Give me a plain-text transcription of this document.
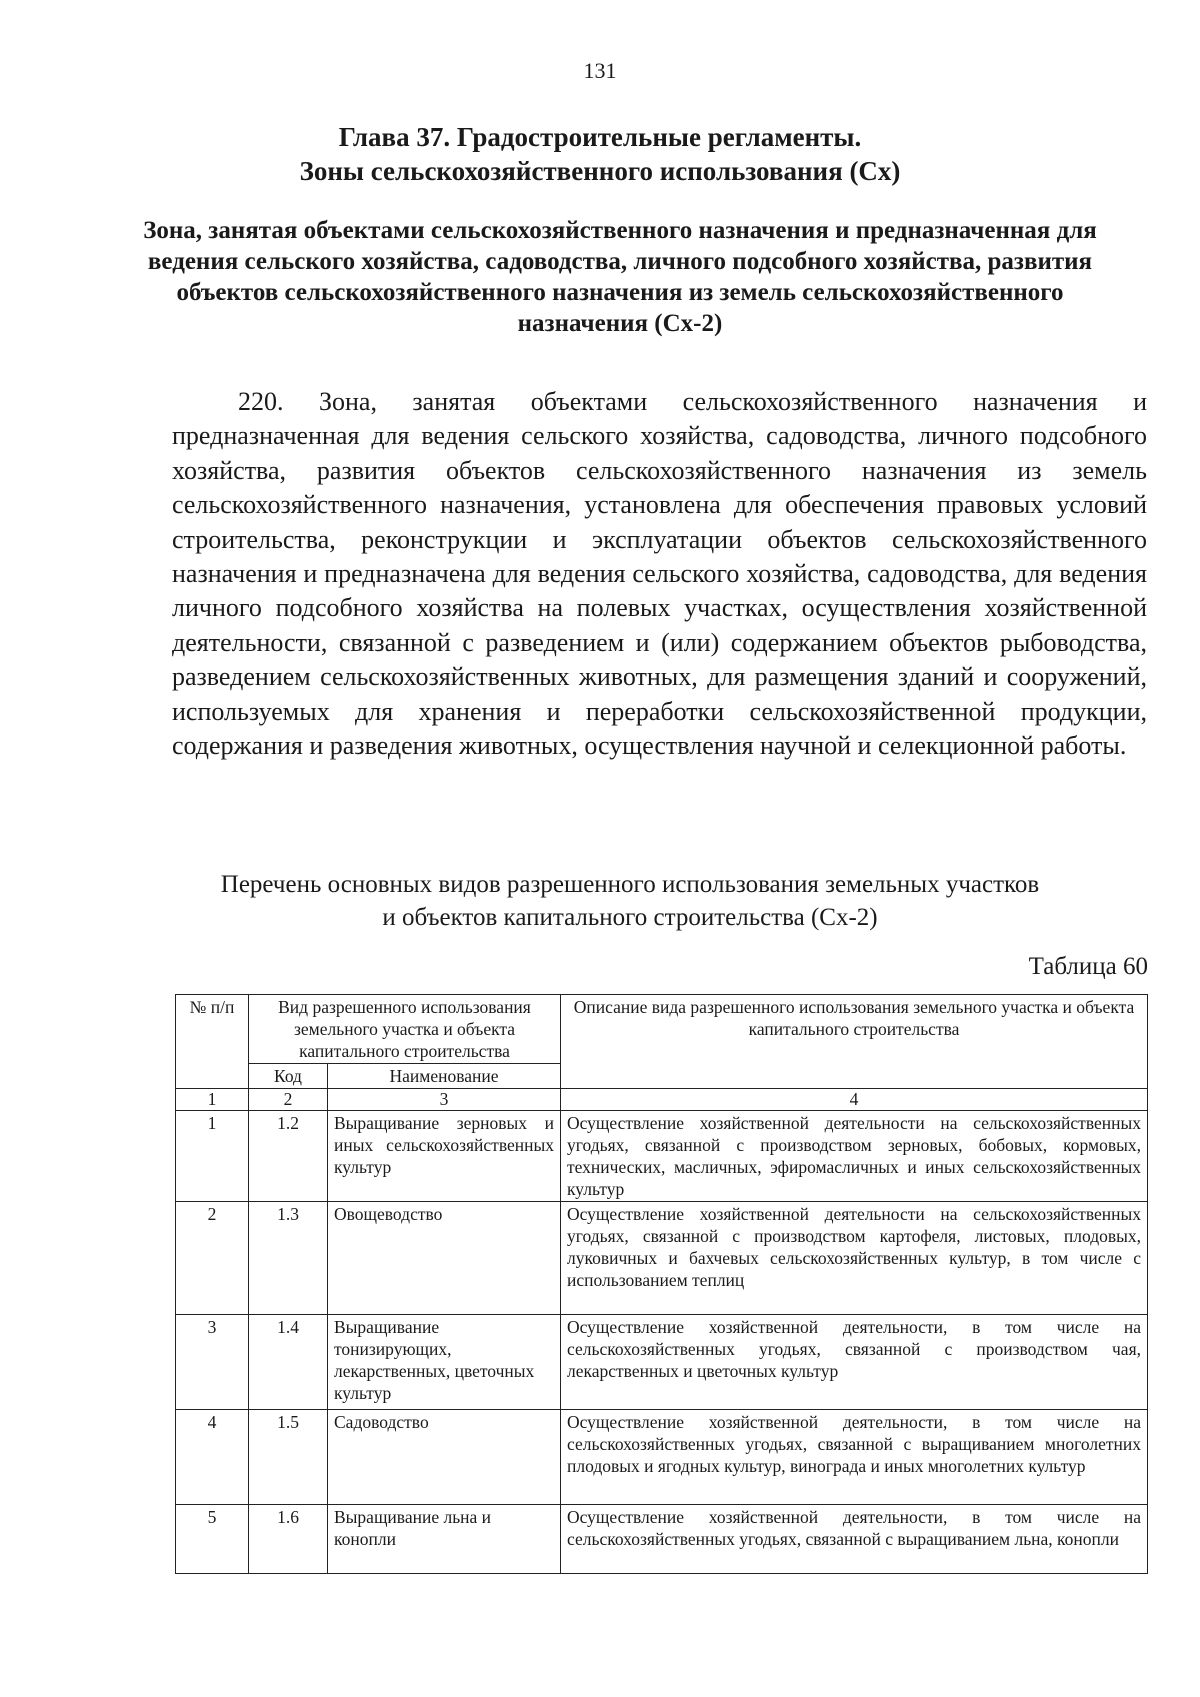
131
Глава 37. Градостроительные регламенты.
Зоны сельскохозяйственного использования (Сх)
Зона, занятая объектами сельскохозяйственного назначения и предназначенная для ведения сельского хозяйства, садоводства, личного подсобного хозяйства, развития объектов сельскохозяйственного назначения из земель сельскохозяйственного назначения (Сх-2)

220. Зона, занятая объектами сельскохозяйственного назначения и предназначенная для ведения сельского хозяйства, садоводства, личного подсобного хозяйства, развития объектов сельскохозяйственного назначения из земель сельскохозяйственного назначения, установлена для обеспечения правовых условий строительства, реконструкции и эксплуатации объектов сельскохозяйственного назначения и предназначена для ведения сельского хозяйства, садоводства, для ведения личного подсобного хозяйства на полевых участках, осуществления хозяйственной деятельности, связанной с разведением и (или) содержанием объектов рыбоводства, разведением сельскохозяйственных животных, для размещения зданий и сооружений, используемых для хранения и переработки сельскохозяйственной продукции, содержания и разведения животных, осуществления научной и селекционной работы.

Перечень основных видов разрешенного использования земельных участков
и объектов капитального строительства (Сх-2)
Таблица 60
№ п/п	Вид разрешенного использования земельного участка и объекта капитального строительства		Описание вида разрешенного использования земельного участка и объекта капитального строительства
	Код	Наименование	
1	2	3	4
1	1.2	Выращивание зерновых и иных сельскохозяйственных культур	Осуществление хозяйственной деятельности на сельскохозяйственных угодьях, связанной с производством зерновых, бобовых, кормовых, технических, масличных, эфиромасличных и иных сельскохозяйственных культур
2	1.3	Овощеводство	Осуществление хозяйственной деятельности на сельскохозяйственных угодьях, связанной с производством картофеля, листовых, плодовых, луковичных и бахчевых сельскохозяйственных культур, в том числе с использованием теплиц
3	1.4	Выращивание тонизирующих, лекарственных, цветочных культур	Осуществление хозяйственной деятельности, в том числе на сельскохозяйственных угодьях, связанной с производством чая, лекарственных и цветочных культур
4	1.5	Садоводство	Осуществление хозяйственной деятельности, в том числе на сельскохозяйственных угодьях, связанной с выращиванием многолетних плодовых и ягодных культур, винограда и иных многолетних культур
5	1.6	Выращивание льна и конопли	Осуществление хозяйственной деятельности, в том числе на сельскохозяйственных угодьях, связанной с выращиванием льна, конопли
